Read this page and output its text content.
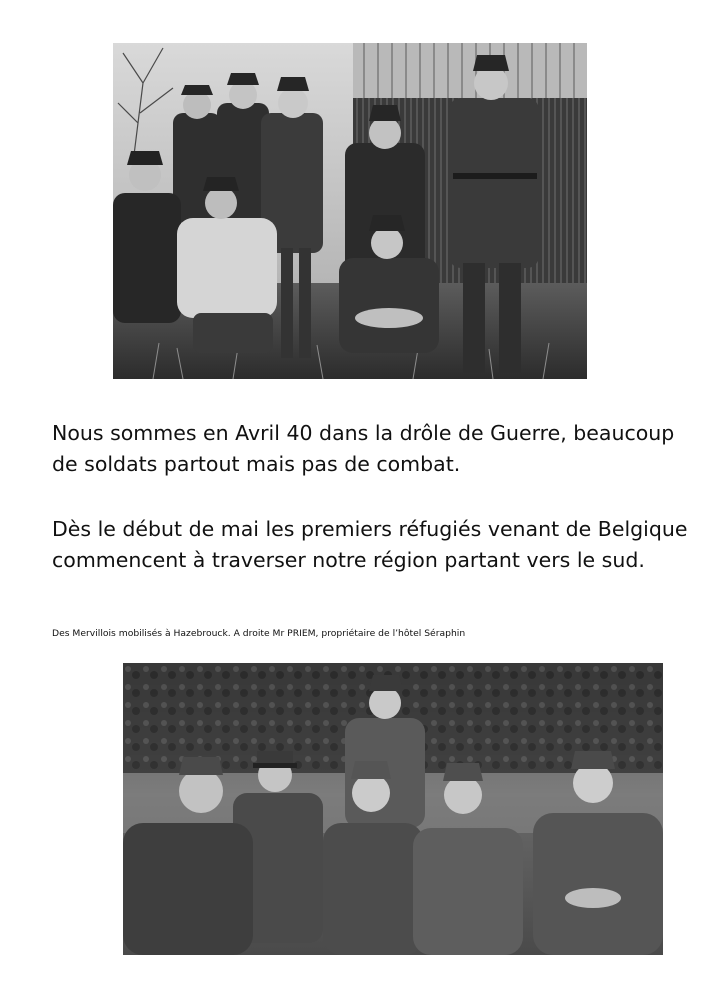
Nous sommes en Avril 40 dans la drôle de Guerre, beaucoup
de soldats partout mais pas de combat.

Dès le début de mai les premiers réfugiés venant de Belgique
commencent à traverser notre région partant vers le sud.

Des Mervillois mobilisés à Hazebrouck. A droite Mr PRIEM, propriétaire de l’hôtel Séraphin
